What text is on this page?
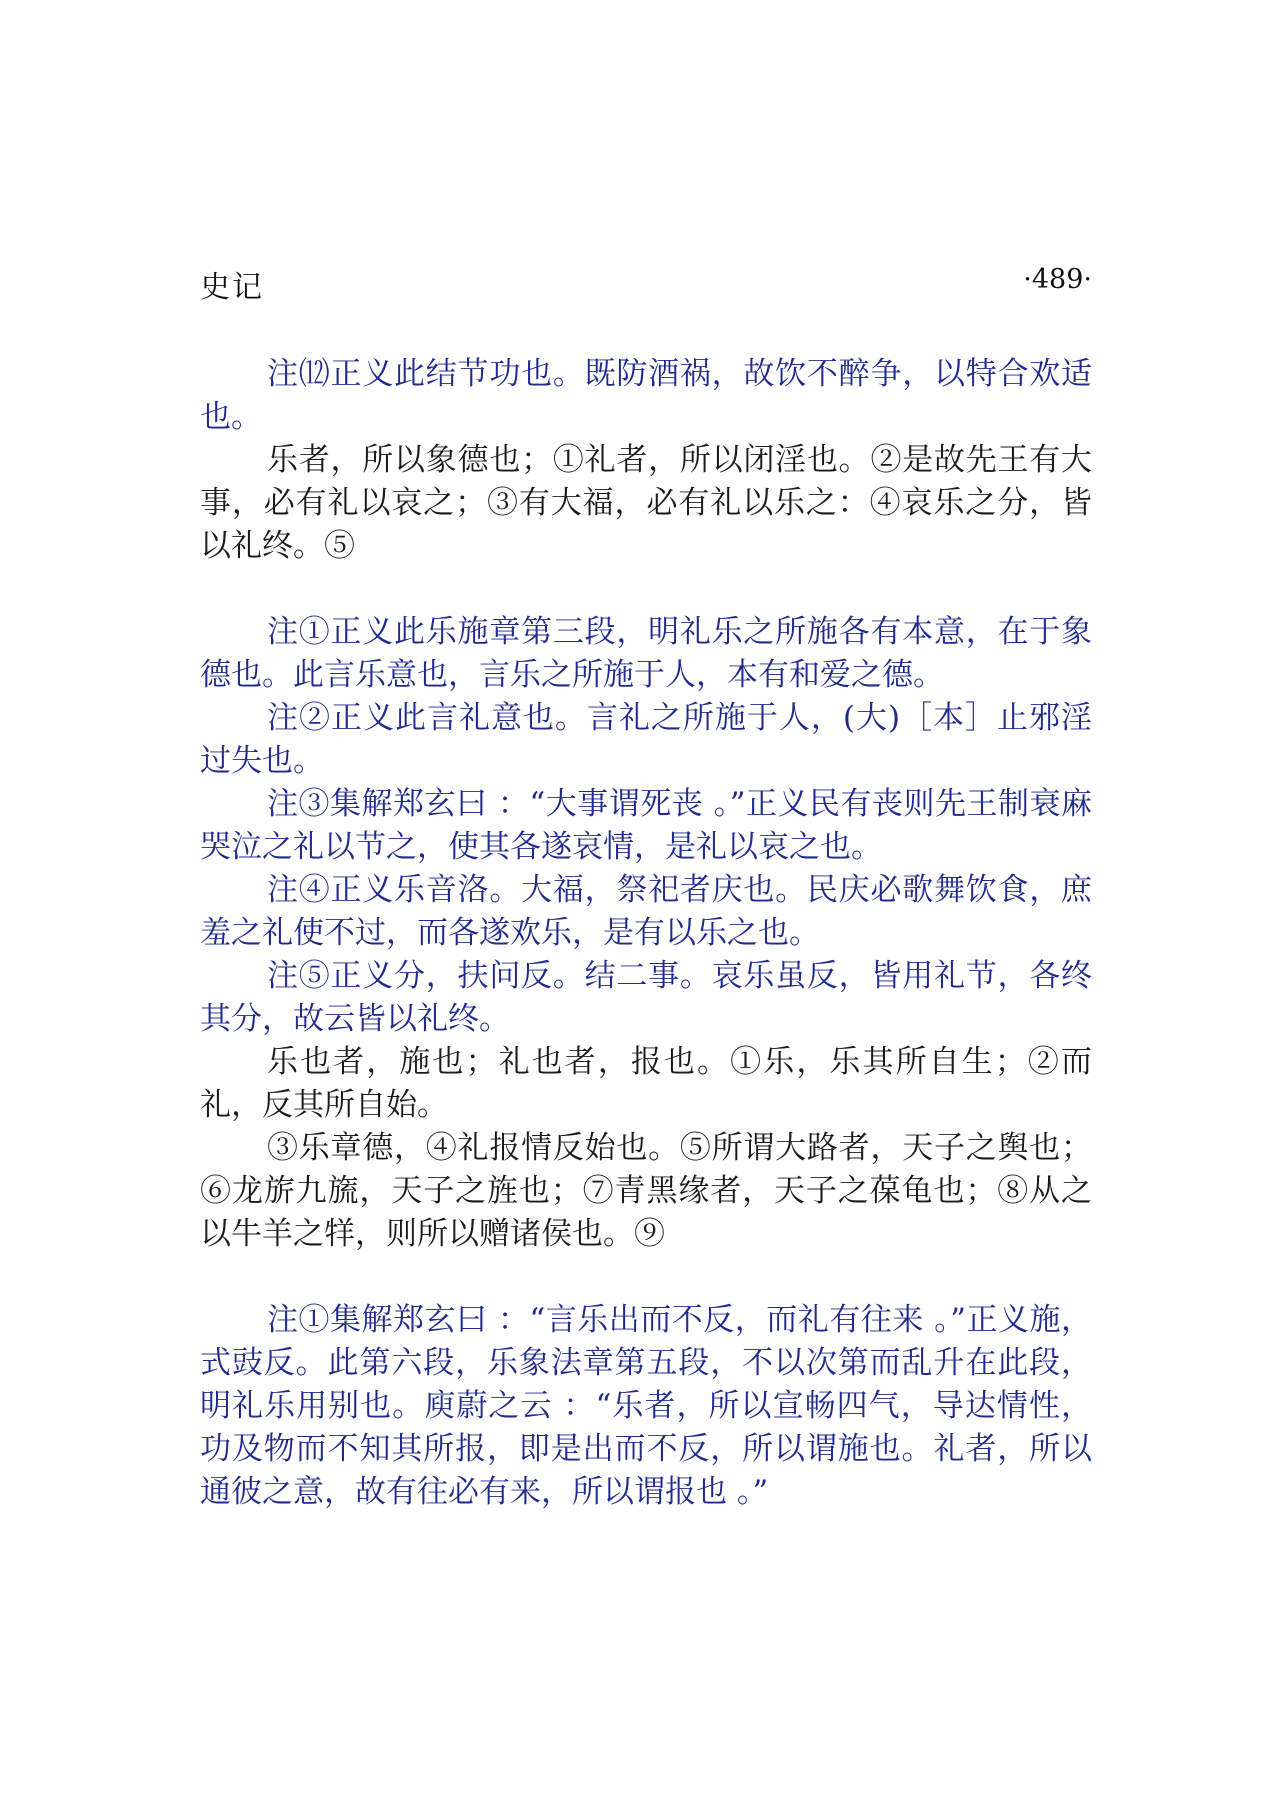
史记	·489·

注⑿正义此结节功也。既防酒祸，故饮不醉争，以特合欢适也。

乐者，所以象德也；①礼者，所以闭淫也。②是故先王有大事，必有礼以哀之；③有大福，必有礼以乐之：④哀乐之分，皆以礼终。⑤

注①正义此乐施章第三段，明礼乐之所施各有本意，在于象德也。此言乐意也，言乐之所施于人，本有和爱之德。

注②正义此言礼意也。言礼之所施于人，(大)［本］止邪淫过失也。

注③集解郑玄曰 ：“大事谓死丧 。”正义民有丧则先王制衰麻哭泣之礼以节之，使其各遂哀情，是礼以哀之也。

注④正义乐音洛。大福，祭祀者庆也。民庆必歌舞饮食，庶羞之礼使不过，而各遂欢乐，是有以乐之也。

注⑤正义分，扶问反。结二事。哀乐虽反，皆用礼节，各终其分，故云皆以礼终。

乐也者，施也；礼也者，报也。①乐，乐其所自生；②而礼，反其所自始。

③乐章德，④礼报情反始也。⑤所谓大路者，天子之舆也；⑥龙旂九旒，天子之旌也；⑦青黑缘者，天子之葆龟也；⑧从之以牛羊之䍧，则所以赠诸侯也。⑨

注①集解郑玄曰 ：“言乐出而不反，而礼有往来 。”正义施，式豉反。此第六段，乐象法章第五段，不以次第而乱升在此段，明礼乐用别也。庾蔚之云 ：“乐者，所以宣畅四气，导达情性，功及物而不知其所报，即是出而不反，所以谓施也。礼者，所以通彼之意，故有往必有来，所以谓报也 。”
